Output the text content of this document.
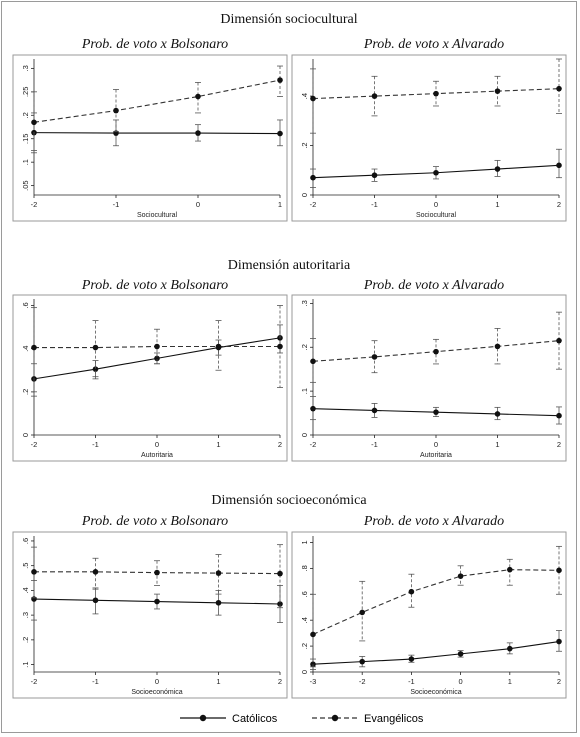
Dimensión sociocultural
Dimensión autoritaria
Dimensión socioeconómica
Prob. de voto x Bolsonaro	Prob. de voto x Alvarado
Prob. de voto x Bolsonaro	Prob. de voto x Alvarado
Prob. de voto x Bolsonaro	Prob. de voto x Alvarado
-2	-1	0	1
.05
.1
.15
.2
.25
.3
Sociocultural
-2	-1	0	1	2
0
.2
.4
Sociocultural
-2	-1	0	1	2
0
.2
.4
.6
Autoritaria
-2	-1	0	1	2
0
.1
.2
.3
Autoritaria
-2	-1	0	1	2
.1
.2
.3
.4
.5
.6
Socioeconómica
-3	-2	-1	0	1	2
0
.2
.4
.6
.8
1
Socioeconómica
Católicos	Evangélicos
